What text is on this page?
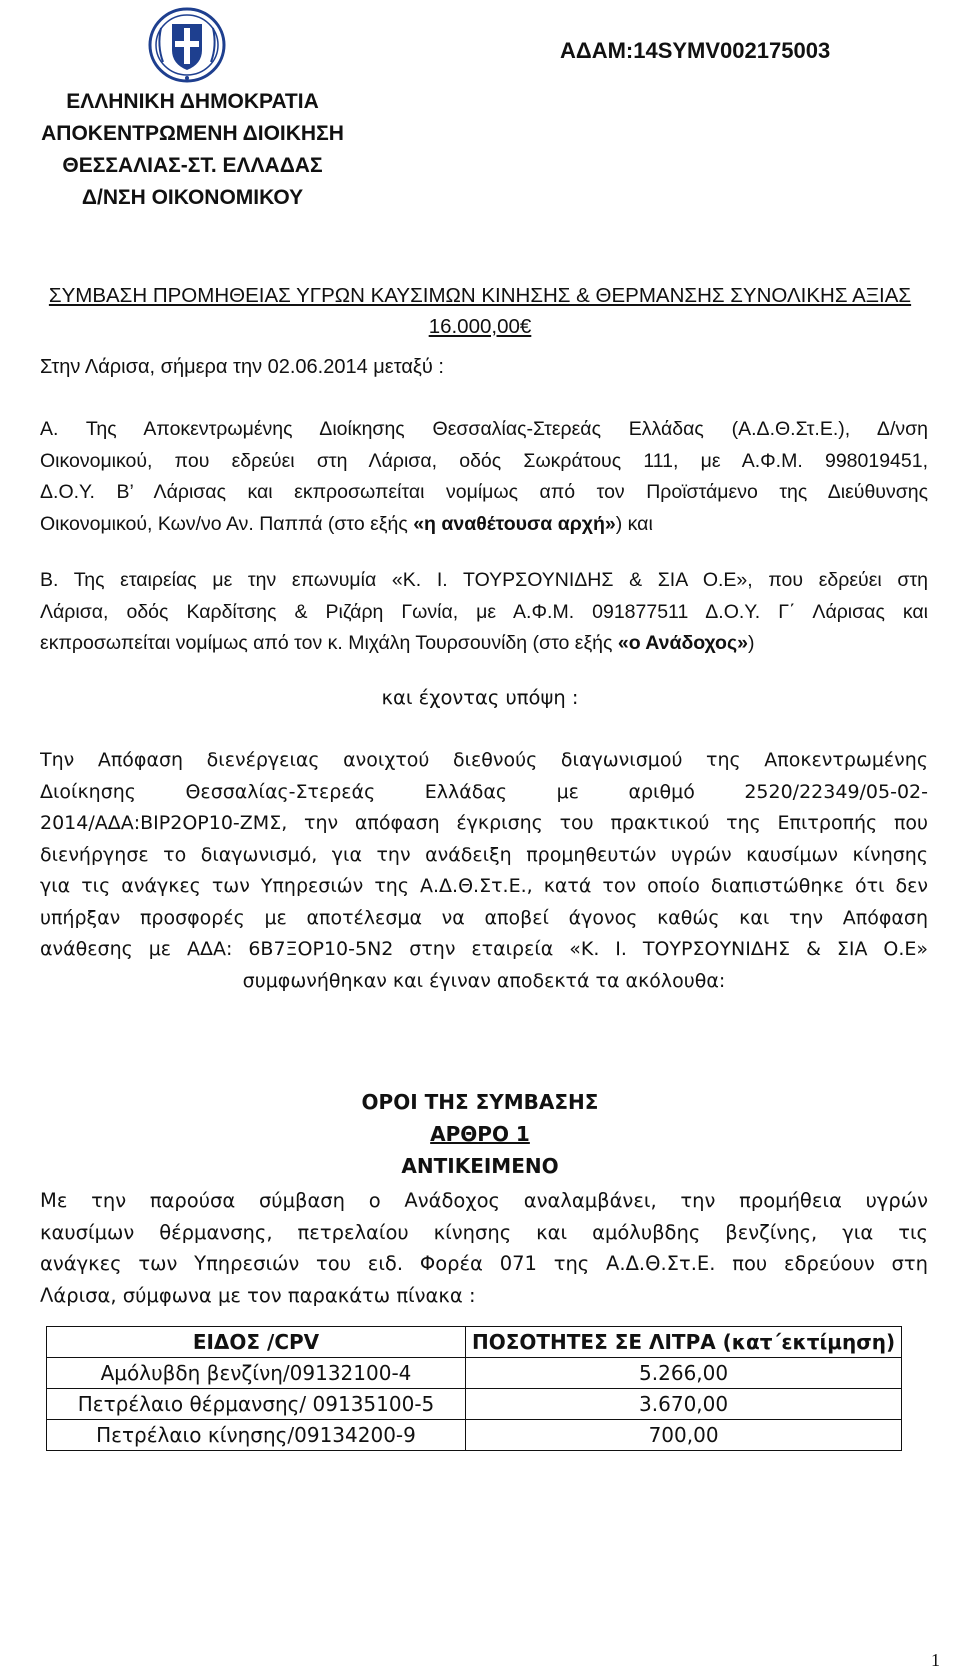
ΑΔΑΜ:14SYMV002175003
ΕΛΛΗΝΙΚΗ ΔΗΜΟΚΡΑΤΙΑ
ΑΠΟΚΕΝΤΡΩΜΕΝΗ ΔΙΟΙΚΗΣΗ
ΘΕΣΣΑΛΙΑΣ-ΣΤ. ΕΛΛΑΔΑΣ
Δ/ΝΣΗ ΟΙΚΟΝΟΜΙΚΟΥ
ΣΥΜΒΑΣΗ ΠΡΟΜΗΘΕΙΑΣ ΥΓΡΩΝ ΚΑΥΣΙΜΩΝ ΚΙΝΗΣΗΣ & ΘΕΡΜΑΝΣΗΣ ΣΥΝΟΛΙΚΗΣ ΑΞΙΑΣ
16.000,00€
Στην Λάρισα, σήμερα την 02.06.2014 μεταξύ :
Α. Της Αποκεντρωμένης Διοίκησης Θεσσαλίας-Στερεάς Ελλάδας (Α.Δ.Θ.Στ.Ε.), Δ/νση
Οικονομικού, που εδρεύει στη Λάρισα, οδός Σωκράτους 111, με Α.Φ.Μ. 998019451,
Δ.Ο.Υ. Β’ Λάρισας και εκπροσωπείται νομίμως από τον Προϊστάμενο της Διεύθυνσης
Οικονομικού, Κων/νο Αν. Παππά (στο εξής «η αναθέτουσα αρχή») και
Β. Της εταιρείας με την επωνυμία «Κ. Ι. ΤΟΥΡΣΟΥΝΙΔΗΣ & ΣΙΑ Ο.Ε», που εδρεύει στη
Λάρισα, οδός Καρδίτσης & Ριζάρη Γωνία, με Α.Φ.Μ. 091877511 Δ.Ο.Υ. Γ΄ Λάρισας και
εκπροσωπείται νομίμως από τον κ. Μιχάλη Τουρσουνίδη (στο εξής «ο Ανάδοχος»)
και έχοντας υπόψη :
Την Απόφαση διενέργειας ανοιχτού διεθνούς διαγωνισμού της Αποκεντρωμένης
Διοίκησης Θεσσαλίας-Στερεάς Ελλάδας με αριθμό 2520/22349/05-02-
2014/ΑΔΑ:ΒΙΡ2ΟΡ10-ΖΜΣ, την απόφαση έγκρισης του πρακτικού της Επιτροπής που
διενήργησε το διαγωνισμό, για την ανάδειξη προμηθευτών υγρών καυσίμων κίνησης
για τις ανάγκες των Υπηρεσιών της Α.Δ.Θ.Στ.Ε., κατά τον οποίο διαπιστώθηκε ότι δεν
υπήρξαν προσφορές με αποτέλεσμα να αποβεί άγονος καθώς και την Απόφαση
ανάθεσης με ΑΔΑ: 6Β7ΞΟΡ10-5Ν2 στην εταιρεία «Κ. Ι. ΤΟΥΡΣΟΥΝΙΔΗΣ & ΣΙΑ Ο.Ε»
συμφωνήθηκαν και έγιναν αποδεκτά τα ακόλουθα:
ΟΡΟΙ ΤΗΣ ΣΥΜΒΑΣΗΣ
ΑΡΘΡΟ 1
ΑΝΤΙΚΕΙΜΕΝΟ
Με την παρούσα σύμβαση ο Ανάδοχος αναλαμβάνει, την προμήθεια υγρών
καυσίμων θέρμανσης, πετρελαίου κίνησης και αμόλυβδης βενζίνης, για τις
ανάγκες των Υπηρεσιών του ειδ. Φορέα 071 της Α.Δ.Θ.Στ.Ε. που εδρεύουν στη
Λάρισα, σύμφωνα με τον παρακάτω πίνακα :
ΕΙΔΟΣ /CPV	ΠΟΣΟΤΗΤΕΣ ΣΕ ΛΙΤΡΑ (κατ΄εκτίμηση)
Αμόλυβδη βενζίνη/09132100-4	5.266,00
Πετρέλαιο θέρμανσης/ 09135100-5	3.670,00
Πετρέλαιο κίνησης/09134200-9	700,00
1
